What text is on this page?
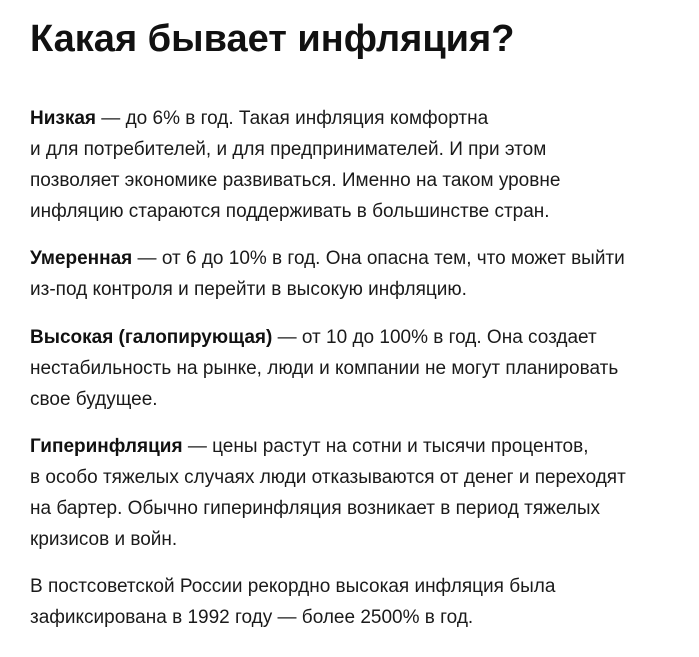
Какая бывает инфляция?

Низкая — до 6% в год. Такая инфляция комфортна
и для потребителей, и для предпринимателей. И при этом
позволяет экономике развиваться. Именно на таком уровне
инфляцию стараются поддерживать в большинстве стран.

Умеренная — от 6 до 10% в год. Она опасна тем, что может выйти
из-под контроля и перейти в высокую инфляцию.

Высокая (галопирующая) — от 10 до 100% в год. Она создает
нестабильность на рынке, люди и компании не могут планировать
свое будущее.

Гиперинфляция — цены растут на сотни и тысячи процентов,
в особо тяжелых случаях люди отказываются от денег и переходят
на бартер. Обычно гиперинфляция возникает в период тяжелых
кризисов и войн.

В постсоветской России рекордно высокая инфляция была
зафиксирована в 1992 году — более 2500% в год.
